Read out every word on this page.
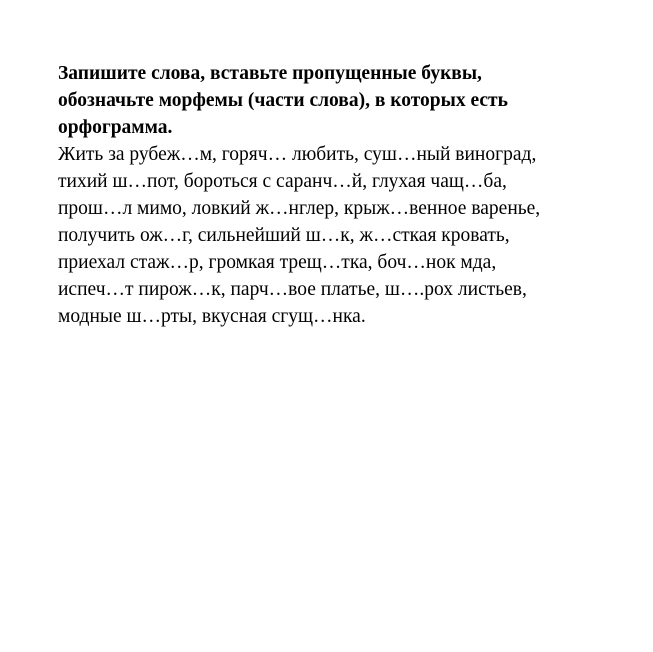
Запишите слова, вставьте пропущенные буквы,
обозначьте морфемы (части слова), в которых есть
орфограмма.

Жить за рубеж…м, горяч… любить, суш…ный виноград,
тихий ш…пот, бороться с саранч…й, глухая чащ…ба,
прош…л мимо, ловкий ж…нглер, крыж…венное варенье,
получить ож…г, сильнейший ш…к, ж…сткая кровать,
приехал стаж…р, громкая трещ…тка, боч…нок мда,
испеч…т пирож…к, парч…вое платье, ш….рох листьев,
модные ш…рты, вкусная сгущ…нка.
